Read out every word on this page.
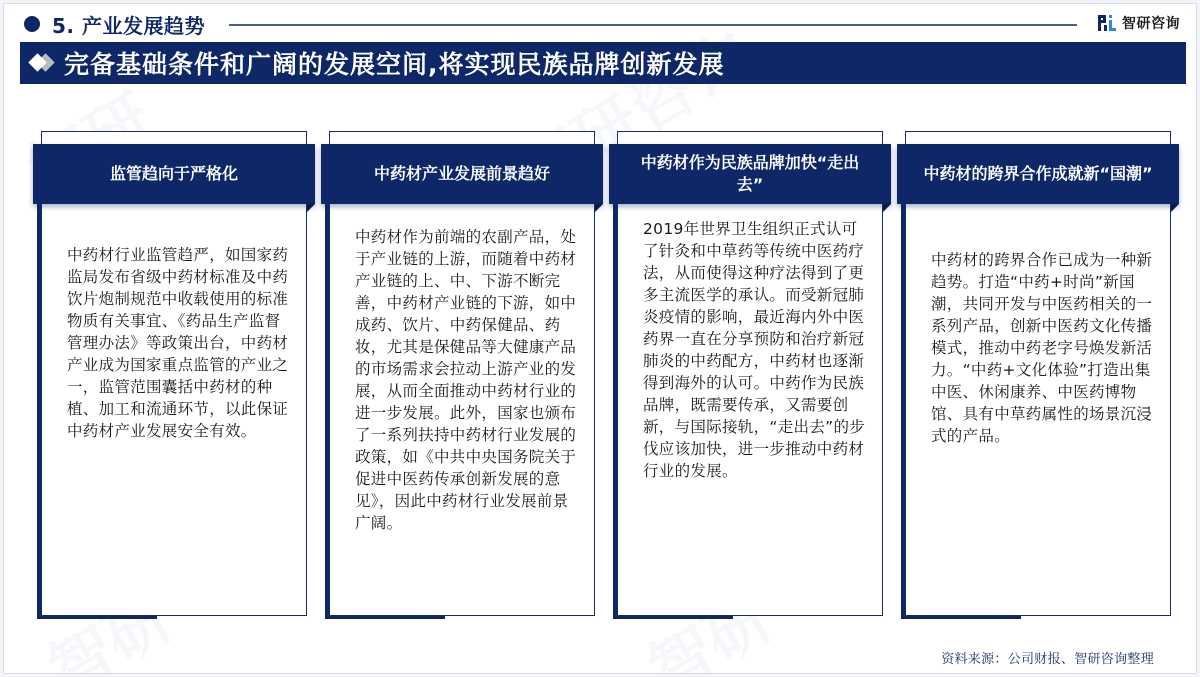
5. 产业发展趋势	智研咨询
完备基础条件和广阔的发展空间,将实现民族品牌创新发展
监管趋向于严格化
中药材行业监管趋严，如国家药监局发布省级中药材标准及中药饮片炮制规范中收载使用的标准物质有关事宜、《药品生产监督管理办法》等政策出台，中药材产业成为国家重点监管的产业之一，监管范围囊括中药材的种植、加工和流通环节，以此保证中药材产业发展安全有效。
中药材产业发展前景趋好
中药材作为前端的农副产品，处于产业链的上游，而随着中药材产业链的上、中、下游不断完善，中药材产业链的下游，如中成药、饮片、中药保健品、药妆，尤其是保健品等大健康产品的市场需求会拉动上游产业的发展，从而全面推动中药材行业的进一步发展。此外，国家也颁布了一系列扶持中药材行业发展的政策，如《中共中央国务院关于促进中医药传承创新发展的意见》，因此中药材行业发展前景广阔。
中药材作为民族品牌加快“走出去”
2019年世界卫生组织正式认可了针灸和中草药等传统中医药疗法，从而使得这种疗法得到了更多主流医学的承认。而受新冠肺炎疫情的影响，最近海内外中医药界一直在分享预防和治疗新冠肺炎的中药配方，中药材也逐渐得到海外的认可。中药作为民族品牌，既需要传承，又需要创新，与国际接轨，“走出去”的步伐应该加快，进一步推动中药材行业的发展。
中药材的跨界合作成就新“国潮”
中药材的跨界合作已成为一种新趋势。打造“中药+时尚”新国潮，共同开发与中医药相关的一系列产品，创新中医药文化传播模式，推动中药老字号焕发新活力。“中药+文化体验”打造出集中医、休闲康养、中医药博物馆、具有中草药属性的场景沉浸式的产品。
资料来源：公司财报、智研咨询整理
